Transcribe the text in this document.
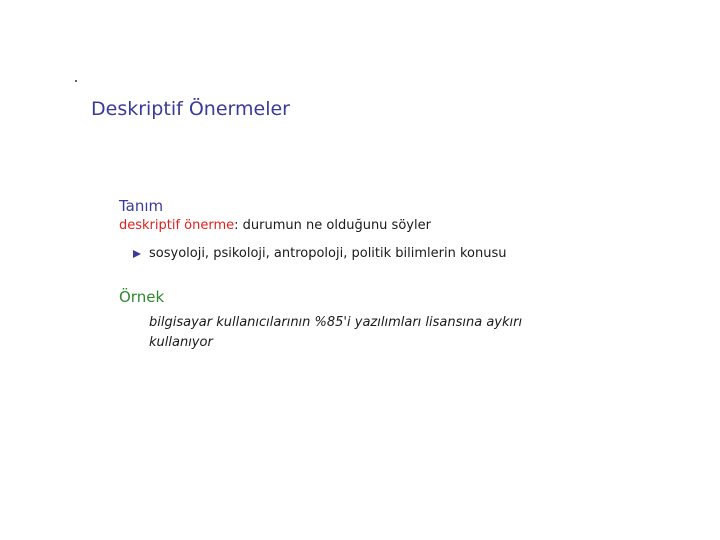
Deskriptif Önermeler
Tanım
deskriptif önerme: durumun ne olduğunu söyler
sosyoloji, psikoloji, antropoloji, politik bilimlerin konusu
Örnek
bilgisayar kullanıcılarının %85'i yazılımları lisansına aykırı kullanıyor
